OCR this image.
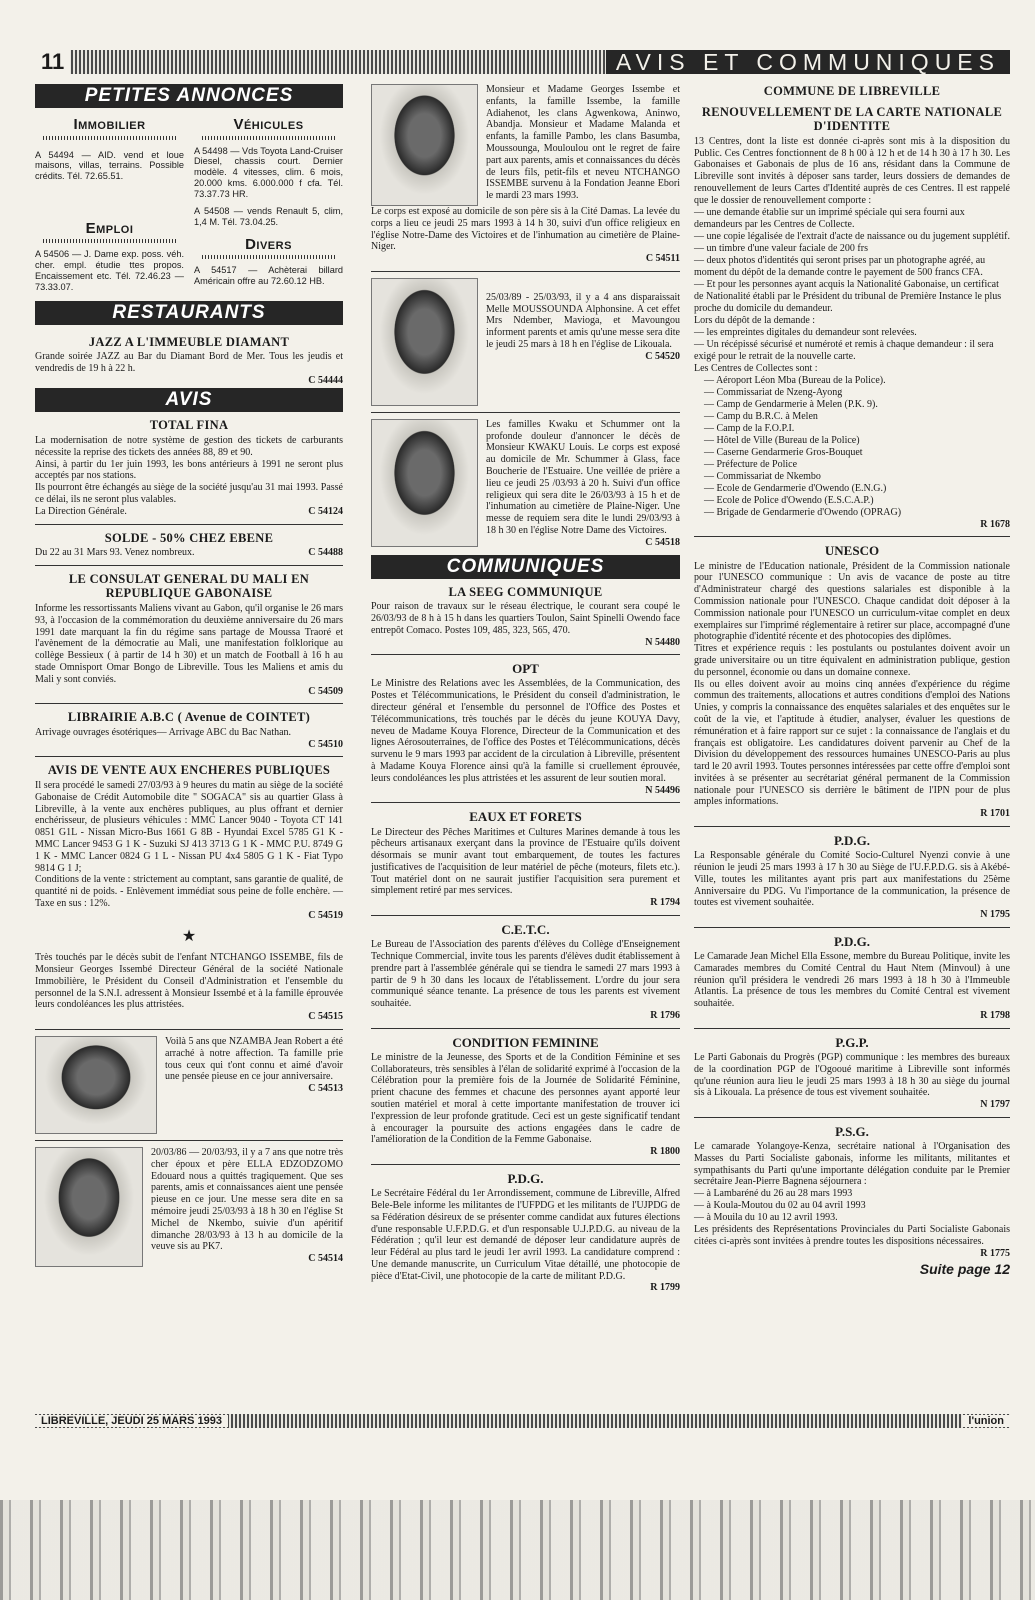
11	AVIS ET COMMUNIQUES
PETITES ANNONCES
Immobilier
A 54494 — AID. vend et loue maisons, villas, terrains. Possible crédits. Tél. 72.65.51.
Emploi
A 54506 — J. Dame exp. poss. véh. cher. empl. étudie ttes propos. Encaissement etc. Tél. 72.46.23 — 73.33.07.
Véhicules
A 54498 — Vds Toyota Land-Cruiser Diesel, chassis court. Dernier modèle. 4 vitesses, clim. 6 mois, 20.000 kms. 6.000.000 f cfa. Tél. 73.37.73 HR.
A 54508 — vends Renault 5, clim, 1,4 M. Tél. 73.04.25.
Divers
A 54517 — Achèterai billard Américain offre au 72.60.12 HB.
RESTAURANTS
JAZZ A L'IMMEUBLE DIAMANT

Grande soirée JAZZ au Bar du Diamant Bord de Mer. Tous les jeudis et vendredis de 19 h à 22 h.

C 54444
AVIS
TOTAL FINA

La modernisation de notre système de gestion des tickets de carburants nécessite la reprise des tickets des années 88, 89 et 90.

Ainsi, à partir du 1er juin 1993, les bons antérieurs à 1991 ne seront plus acceptés par nos stations.

Ils pourront être échangés au siège de la société jusqu'au 31 mai 1993. Passé ce délai, ils ne seront plus valables.

La Direction Générale.	C 54124
SOLDE - 50% CHEZ EBENE
Du 22 au 31 Mars 93. Venez nombreux.	C 54488
LE CONSULAT GENERAL DU MALI EN REPUBLIQUE GABONAISE

Informe les ressortissants Maliens vivant au Gabon, qu'il organise le 26 mars 93, à l'occasion de la commémoration du deuxième anniversaire du 26 mars 1991 date marquant la fin du régime sans partage de Moussa Traoré et l'avènement de la démocratie au Mali, une manifestation folklorique au collège Bessieux ( à partir de 14 h 30) et un match de Football à 16 h au stade Omnisport Omar Bongo de Libreville. Tous les Maliens et amis du Mali y sont conviés.

C 54509
LIBRAIRIE A.B.C ( Avenue de COINTET)

Arrivage ouvrages ésotériques— Arrivage ABC du Bac Nathan.

C 54510
AVIS DE VENTE AUX ENCHERES PUBLIQUES

Il sera procédé le samedi 27/03/93 à 9 heures du matin au siège de la société Gabonaise de Crédit Automobile dite " SOGACA" sis au quartier Glass à Libreville, à la vente aux enchères publiques, au plus offrant et dernier enchérisseur, de plusieurs véhicules : MMC Lancer 9040 - Toyota CT 141 0851 G1L - Nissan Micro-Bus 1661 G 8B - Hyundai Excel 5785 G1 K - MMC Lancer 9453 G 1 K - Suzuki SJ 413 3713 G 1 K - MMC P.U. 8749 G 1 K - MMC Lancer 0824 G 1 L - Nissan PU 4x4 5805 G 1 K - Fiat Typo 9814 G 1 J;

Conditions de la vente : strictement au comptant, sans garantie de qualité, de quantité ni de poids. - Enlèvement immédiat sous peine de folle enchère. — Taxe en sus : 12%.

C 54519
★

Très touchés par le décès subit de l'enfant NTCHANGO ISSEMBE, fils de Monsieur Georges Issembé Directeur Général de la société Nationale Immobilière, le Président du Conseil d'Administration et l'ensemble du personnel de la S.N.I. adressent à Monsieur Issembé et à la famille éprouvée leurs condoléances les plus attristées.

C 54515

Voilà 5 ans que NZAMBA Jean Robert a été arraché à notre affection. Ta famille prie tous ceux qui t'ont connu et aimé d'avoir une pensée pieuse en ce jour anniversaire.

C 54513

20/03/86 — 20/03/93, il y a 7 ans que notre très cher époux et père ELLA EDZODZOMO Edouard nous a quittés tragiquement. Que ses parents, amis et connaissances aient une pensée pieuse en ce jour. Une messe sera dite en sa mémoire jeudi 25/03/93 à 18 h 30 en l'église St Michel de Nkembo, suivie d'un apéritif dimanche 28/03/93 à 13 h au domicile de la veuve sis au PK7.

C 54514

Monsieur et Madame Georges Issembe et enfants, la famille Issembe, la famille Adiahenot, les clans Agwenkowa, Aninwo, Abandja. Monsieur et Madame Malanda et enfants, la famille Pambo, les clans Basumba, Moussounga, Mouloulou ont le regret de faire part aux parents, amis et connaissances du décès de leurs fils, petit-fils et neveu NTCHANGO ISSEMBE survenu à la Fondation Jeanne Ebori le mardi 23 mars 1993.

Le corps est exposé au domicile de son père sis à la Cité Damas. La levée du corps a lieu ce jeudi 25 mars 1993 à 14 h 30, suivi d'un office religieux en l'église Notre-Dame des Victoires et de l'inhumation au cimetière de Plaine-Niger.

C 54511

25/03/89 - 25/03/93, il y a 4 ans disparaissait Melle MOUSSOUNDA Alphonsine. A cet effet Mrs Ndember, Mavioga, et Mavoungou informent parents et amis qu'une messe sera dite le jeudi 25 mars à 18 h en l'église de Likouala.

C 54520

Les familles Kwaku et Schummer ont la profonde douleur d'annoncer le décès de Monsieur KWAKU Louis. Le corps est exposé au domicile de Mr. Schummer à Glass, face Boucherie de l'Estuaire. Une veillée de prière a lieu ce jeudi 25 /03/93 à 20 h. Suivi d'un office religieux qui sera dite le 26/03/93 à 15 h et de l'inhumation au cimetière de Plaine-Niger. Une messe de requiem sera dite le lundi 29/03/93 à 18 h 30 en l'église Notre Dame des Victoires.

C 54518
COMMUNIQUES
LA SEEG COMMUNIQUE

Pour raison de travaux sur le réseau électrique, le courant sera coupé le 26/03/93 de 8 h à 15 h dans les quartiers Toulon, Saint Spinelli Owendo face entrepôt Comaco. Postes 109, 485, 323, 565, 470.

N 54480
OPT

Le Ministre des Relations avec les Assemblées, de la Communication, des Postes et Télécommunications, le Président du conseil d'administration, le directeur général et l'ensemble du personnel de l'Office des Postes et Télécommunications, très touchés par le décès du jeune KOUYA Davy, neveu de Madame Kouya Florence, Directeur de la Communication et des lignes Aérosouterraines, de l'office des Postes et Télécommunications, décès survenu le 9 mars 1993 par accident de la circulation à Libreville, présentent à Madame Kouya Florence ainsi qu'à la famille si cruellement éprouvée, leurs condoléances les plus attristées et les assurent de leur soutien moral.

N 54496
EAUX ET FORETS

Le Directeur des Pêches Maritimes et Cultures Marines demande à tous les pêcheurs artisanaux exerçant dans la province de l'Estuaire qu'ils doivent désormais se munir avant tout embarquement, de toutes les factures justificatives de l'acquisition de leur matériel de pêche (moteurs, filets etc.). Tout matériel dont on ne saurait justifier l'acquisition sera purement et simplement retiré par mes services.

R 1794
C.E.T.C.

Le Bureau de l'Association des parents d'élèves du Collège d'Enseignement Technique Commercial, invite tous les parents d'élèves dudit établissement à prendre part à l'assemblée générale qui se tiendra le samedi 27 mars 1993 à partir de 9 h 30 dans les locaux de l'établissement. L'ordre du jour sera communiqué séance tenante. La présence de tous les parents est vivement souhaitée.

R 1796
CONDITION FEMININE

Le ministre de la Jeunesse, des Sports et de la Condition Féminine et ses Collaborateurs, très sensibles à l'élan de solidarité exprimé à l'occasion de la Célébration pour la première fois de la Journée de Solidarité Féminine, prient chacune des femmes et chacune des personnes ayant apporté leur soutien matériel et moral à cette importante manifestation de trouver ici l'expression de leur profonde gratitude. Ceci est un geste significatif tendant à encourager la poursuite des actions engagées dans le cadre de l'amélioration de la Condition de la Femme Gabonaise.

R 1800
P.D.G.

Le Secrétaire Fédéral du 1er Arrondissement, commune de Libreville, Alfred Bele-Bele informe les militantes de l'UFPDG et les militants de l'UJPDG de sa Fédération désireux de se présenter comme candidat aux futures élections d'une responsable U.F.P.D.G. et d'un responsable U.J.P.D.G. au niveau de la Fédération ; qu'il leur est demandé de déposer leur candidature auprès de leur Fédéral au plus tard le jeudi 1er avril 1993. La candidature comprend : Une demande manuscrite, un Curriculum Vitae détaillé, une photocopie de pièce d'Etat-Civil, une photocopie de la carte de militant P.D.G.

R 1799
COMMUNE DE LIBREVILLE
RENOUVELLEMENT DE LA CARTE NATIONALE D'IDENTITE

13 Centres, dont la liste est donnée ci-après sont mis à la disposition du Public. Ces Centres fonctionnent de 8 h 00 à 12 h et de 14 h 30 à 17 h 30. Les Gabonaises et Gabonais de plus de 16 ans, résidant dans la Commune de Libreville sont invités à déposer sans tarder, leurs dossiers de demandes de renouvellement de leurs Cartes d'Identité auprès de ces Centres. Il est rappelé que le dossier de renouvellement comporte :

— une demande établie sur un imprimé spéciale qui sera fourni aux demandeurs par les Centres de Collecte.
— une copie légalisée de l'extrait d'acte de naissance ou du jugement supplétif.
— un timbre d'une valeur faciale de 200 frs
— deux photos d'identités qui seront prises par un photographe agréé, au moment du dépôt de la demande contre le payement de 500 francs CFA.
— Et pour les personnes ayant acquis la Nationalité Gabonaise, un certificat de Nationalité établi par le Président du tribunal de Première Instance le plus proche du domicile du demandeur.
Lors du dépôt de la demande :
— les empreintes digitales du demandeur sont relevées.
— Un récépissé sécurisé et numéroté et remis à chaque demandeur : il sera exigé pour le retrait de la nouvelle carte.
Les Centres de Collectes sont :
— Aéroport Léon Mba (Bureau de la Police).
— Commissariat de Nzeng-Ayong
— Camp de Gendarmerie à Melen (P.K. 9).
— Camp du B.R.C. à Melen
— Camp de la F.O.P.I.
— Hôtel de Ville (Bureau de la Police)
— Caserne Gendarmerie Gros-Bouquet
— Préfecture de Police
— Commissariat de Nkembo
— Ecole de Gendarmerie d'Owendo (E.N.G.)
— Ecole de Police d'Owendo (E.S.C.A.P.)
— Brigade de Gendarmerie d'Owendo (OPRAG)
R 1678
UNESCO

Le ministre de l'Education nationale, Président de la Commission nationale pour l'UNESCO communique : Un avis de vacance de poste au titre d'Administrateur chargé des questions salariales est disponible à la Commission nationale pour l'UNESCO. Chaque candidat doit déposer à la Commission nationale pour l'UNESCO un curriculum-vitae complet en deux exemplaires sur l'imprimé réglementaire à retirer sur place, accompagné d'une photographie d'identité récente et des photocopies des diplômes.

Titres et expérience requis : les postulants ou postulantes doivent avoir un grade universitaire ou un titre équivalent en administration publique, gestion du personnel, économie ou dans un domaine connexe.

Ils ou elles doivent avoir au moins cinq années d'expérience du régime commun des traitements, allocations et autres conditions d'emploi des Nations Unies, y compris la connaissance des enquêtes salariales et des enquêtes sur le coût de la vie, et l'aptitude à étudier, analyser, évaluer les questions de rémunération et à faire rapport sur ce sujet : la connaissance de l'anglais et du français est obligatoire. Les candidatures doivent parvenir au Chef de la Division du développement des ressources humaines UNESCO-Paris au plus tard le 20 avril 1993. Toutes personnes intéressées par cette offre d'emploi sont invitées à se présenter au secrétariat général permanent de la Commission nationale pour l'UNESCO sis derrière le bâtiment de l'IPN pour de plus amples informations.

R 1701
P.D.G.

La Responsable générale du Comité Socio-Culturel Nyenzi convie à une réunion le jeudi 25 mars 1993 à 17 h 30 au Siège de l'U.F.P.D.G. sis à Akébé-Ville, toutes les militantes ayant pris part aux manifestations du 25ème Anniversaire du PDG. Vu l'importance de la communication, la présence de toutes est vivement souhaitée.

N 1795
P.D.G.

Le Camarade Jean Michel Ella Essone, membre du Bureau Politique, invite les Camarades membres du Comité Central du Haut Ntem (Minvoul) à une réunion qu'il présidera le vendredi 26 mars 1993 à 18 h 30 à l'Immeuble Atlantis. La présence de tous les membres du Comité Central est vivement souhaitée.

R 1798
P.G.P.

Le Parti Gabonais du Progrès (PGP) communique : les membres des bureaux de la coordination PGP de l'Ogooué maritime à Libreville sont informés qu'une réunion aura lieu le jeudi 25 mars 1993 à 18 h 30 au siège du journal sis à Likouala. La présence de tous est vivement souhaitée.

N 1797
P.S.G.

Le camarade Yolangoye-Kenza, secrétaire national à l'Organisation des Masses du Parti Socialiste gabonais, informe les militants, militantes et sympathisants du Parti qu'une importante délégation conduite par le Premier secrétaire Jean-Pierre Bagnena séjournera :

— à Lambaréné du 26 au 28 mars 1993
— à Koula-Moutou du 02 au 04 avril 1993
— à Mouila du 10 au 12 avril 1993.

Les présidents des Représentations Provinciales du Parti Socialiste Gabonais citées ci-après sont invitées à prendre toutes les dispositions nécessaires.

R 1775
Suite page 12
LIBREVILLE, JEUDI 25 MARS 1993	l'union
